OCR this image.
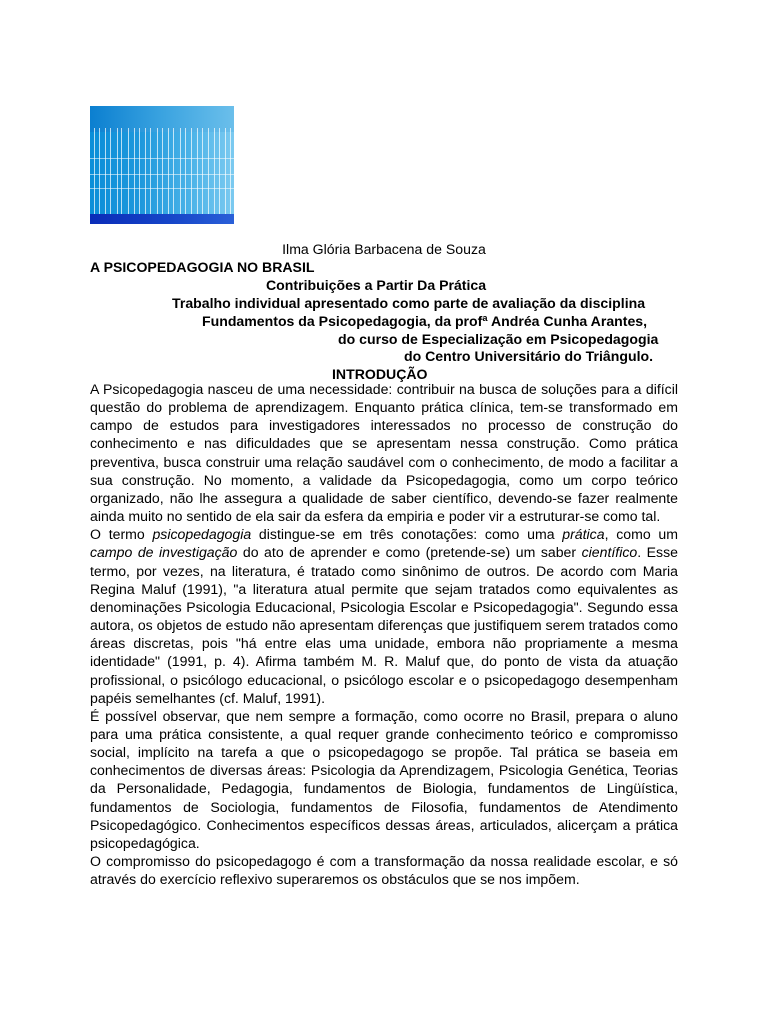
Ilma Glória Barbacena de Souza
A PSICOPEDAGOGIA NO BRASIL
Contribuições a Partir Da Prática
Trabalho individual apresentado como parte de avaliação da disciplina
Fundamentos da Psicopedagogia, da profª Andréa Cunha Arantes,
do curso de Especialização em Psicopedagogia
do Centro Universitário do Triângulo.
INTRODUÇÃO

A Psicopedagogia nasceu de uma necessidade: contribuir na busca de soluções para a difícil questão do problema de aprendizagem. Enquanto prática clínica, tem-se transformado em campo de estudos para investigadores interessados no processo de construção do conhecimento e nas dificuldades que se apresentam nessa construção. Como prática preventiva, busca construir uma relação saudável com o conhecimento, de modo a facilitar a sua construção. No momento, a validade da Psicopedagogia, como um corpo teórico organizado, não lhe assegura a qualidade de saber científico, devendo-se fazer realmente ainda muito no sentido de ela sair da esfera da empiria e poder vir a estruturar-se como tal.

O termo psicopedagogia distingue-se em três conotações: como uma prática, como um campo de investigação do ato de aprender e como (pretende-se) um saber científico. Esse termo, por vezes, na literatura, é tratado como sinônimo de outros. De acordo com Maria Regina Maluf (1991), "a literatura atual permite que sejam tratados como equivalentes as denominações Psicologia Educacional, Psicologia Escolar e Psicopedagogia". Segundo essa autora, os objetos de estudo não apresentam diferenças que justifiquem serem tratados como áreas discretas, pois "há entre elas uma unidade, embora não propriamente a mesma identidade" (1991, p. 4). Afirma também M. R. Maluf que, do ponto de vista da atuação profissional, o psicólogo educacional, o psicólogo escolar e o psicopedagogo desempenham papéis semelhantes (cf. Maluf, 1991).

É possível observar, que nem sempre a formação, como ocorre no Brasil, prepara o aluno para uma prática consistente, a qual requer grande conhecimento teórico e compromisso social, implícito na tarefa a que o psicopedagogo se propõe. Tal prática se baseia em conhecimentos de diversas áreas: Psicologia da Aprendizagem, Psicologia Genética, Teorias da Personalidade, Pedagogia, fundamentos de Biologia, fundamentos de Lingüística, fundamentos de Sociologia, fundamentos de Filosofia, fundamentos de Atendimento Psicopedagógico. Conhecimentos específicos dessas áreas, articulados, alicerçam a prática psicopedagógica.

O compromisso do psicopedagogo é com a transformação da nossa realidade escolar, e só através do exercício reflexivo superaremos os obstáculos que se nos impõem.
